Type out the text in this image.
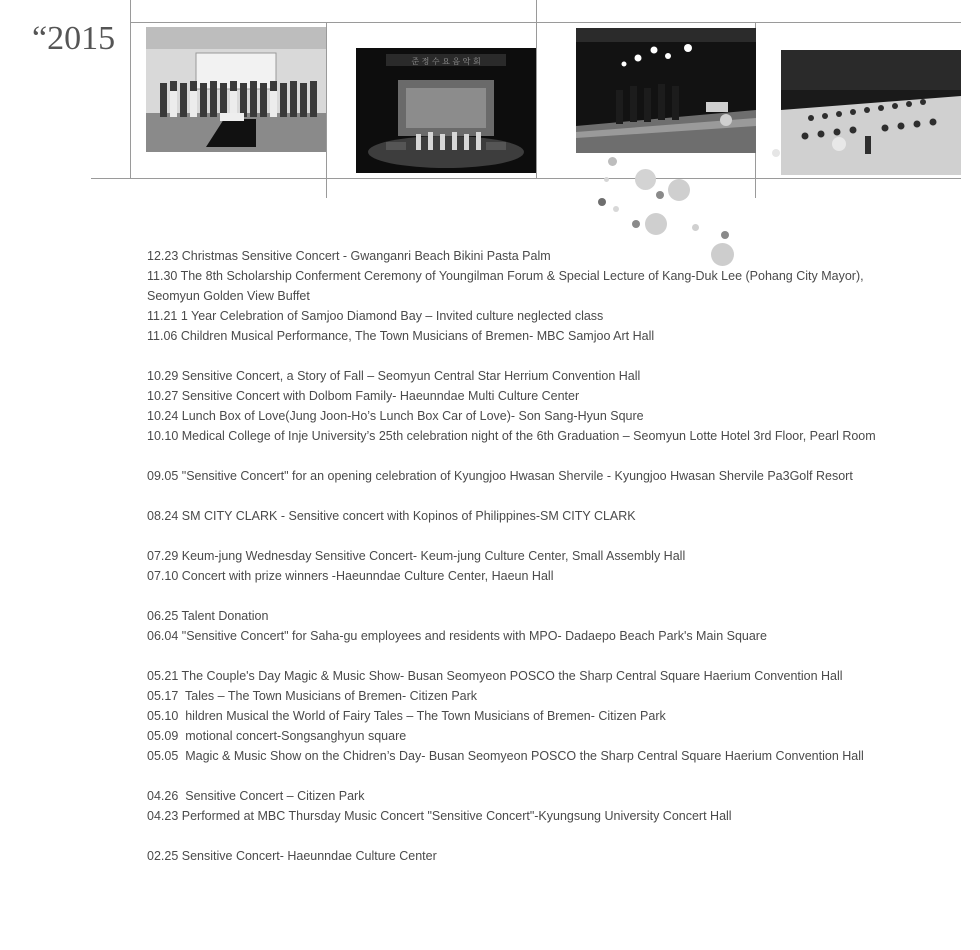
“2015
준 정 수 요 음 악 회

12.23 Christmas Sensitive Concert - Gwanganri Beach Bikini Pasta Palm

11.30 The 8th Scholarship Conferment Ceremony of Youngilman Forum & Special Lecture of Kang-Duk Lee (Pohang City Mayor),
Seomyun Golden View Buffet

11.21 1 Year Celebration of Samjoo Diamond Bay – Invited culture neglected class

11.06 Children Musical Performance, The Town Musicians of Bremen- MBC Samjoo Art Hall

10.29 Sensitive Concert, a Story of Fall – Seomyun Central Star Herrium Convention Hall

10.27 Sensitive Concert with Dolbom Family- Haeunndae Multi Culture Center

10.24 Lunch Box of Love(Jung Joon-Ho’s Lunch Box Car of Love)- Son Sang-Hyun Squre

10.10 Medical College of Inje University’s 25th celebration night of the 6th Graduation – Seomyun Lotte Hotel 3rd Floor, Pearl Room

09.05 "Sensitive Concert" for an opening celebration of Kyungjoo Hwasan Shervile - Kyungjoo Hwasan Shervile Pa3Golf Resort

08.24 SM CITY CLARK - Sensitive concert with Kopinos of Philippines-SM CITY CLARK

07.29 Keum-jung Wednesday Sensitive Concert- Keum-jung Culture Center, Small Assembly Hall

07.10 Concert with prize winners -Haeunndae Culture Center, Haeun Hall

06.25 Talent Donation

06.04 "Sensitive Concert" for Saha-gu employees and residents with MPO- Dadaepo Beach Park's Main Square

05.21 The Couple's Day Magic & Music Show- Busan Seomyeon POSCO the Sharp Central Square Haerium Convention Hall

05.17  Tales – The Town Musicians of Bremen- Citizen Park

05.10  hildren Musical the World of Fairy Tales – The Town Musicians of Bremen- Citizen Park

05.09  motional concert-Songsanghyun square

05.05  Magic & Music Show on the Chidren’s Day- Busan Seomyeon POSCO the Sharp Central Square Haerium Convention Hall

04.26  Sensitive Concert – Citizen Park

04.23 Performed at MBC Thursday Music Concert "Sensitive Concert"-Kyungsung University Concert Hall

02.25 Sensitive Concert- Haeunndae Culture Center
